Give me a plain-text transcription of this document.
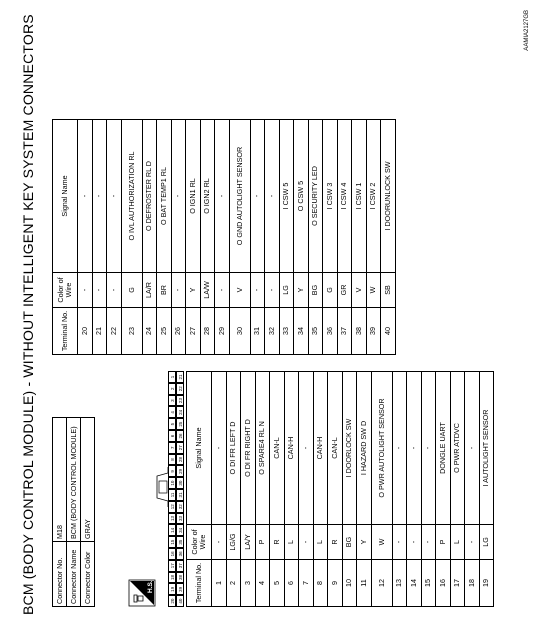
BCM (BODY CONTROL MODULE) - WITHOUT INTELLIGENT KEY SYSTEM CONNECTORS	Connector No.	M18
Connector Name	BCM (BODY CONTROL MODULE)
Connector Color	GRAY
H.S.
20
19
18
17
16
15
14
13
12
11
10
9
8
7
6
5
4
3
2
1
40
39
38
37
36
35
34
33
32
31
30
29
28
27
26
25
24
23
22
21
Terminal No.	Color of Wire	Signal Name
1	-	-
2	LG/G	O DI FR LEFT D
3	LA/Y	O DI FR RIGHT D
4	P	O SPARE4 RL N
5	R	CAN-L
6	L	CAN-H
7	-	-
8	L	CAN-H
9	R	CAN-L
10	BG	I DOORLOCK SW
11	Y	I HAZARD SW D
12	W	O PWR AUTOLIGHT SENSOR
13	-	-
14	-	-
15	-	-
16	P	DONGLE UART
17	L	O PWR ATDVC
18	-	-
19	LG	I AUTOLIGHT SENSOR
Terminal No.	Color of Wire	Signal Name
20	-	-
21	-	-
22	-	-
23	G	O IVL AUTHORIZATION RL
24	LA/R	O DEFROSTER RL D
25	BR	O BAT TEMP1 RL
26	-	-
27	Y	O IGN1 RL
28	LA/W	O IGN2 RL
29	-	-
30	V	O GND AUTOLIGHT SENSOR
31	-	-
32	-	-
33	LG	I CSW 5
34	Y	O CSW 5
35	BG	O SECURITY LED
36	G	I CSW 3
37	GR	I CSW 4
38	V	I CSW 1
39	W	I CSW 2
40	SB	I DOORUNLOCK SW
AAMIA2127GB
